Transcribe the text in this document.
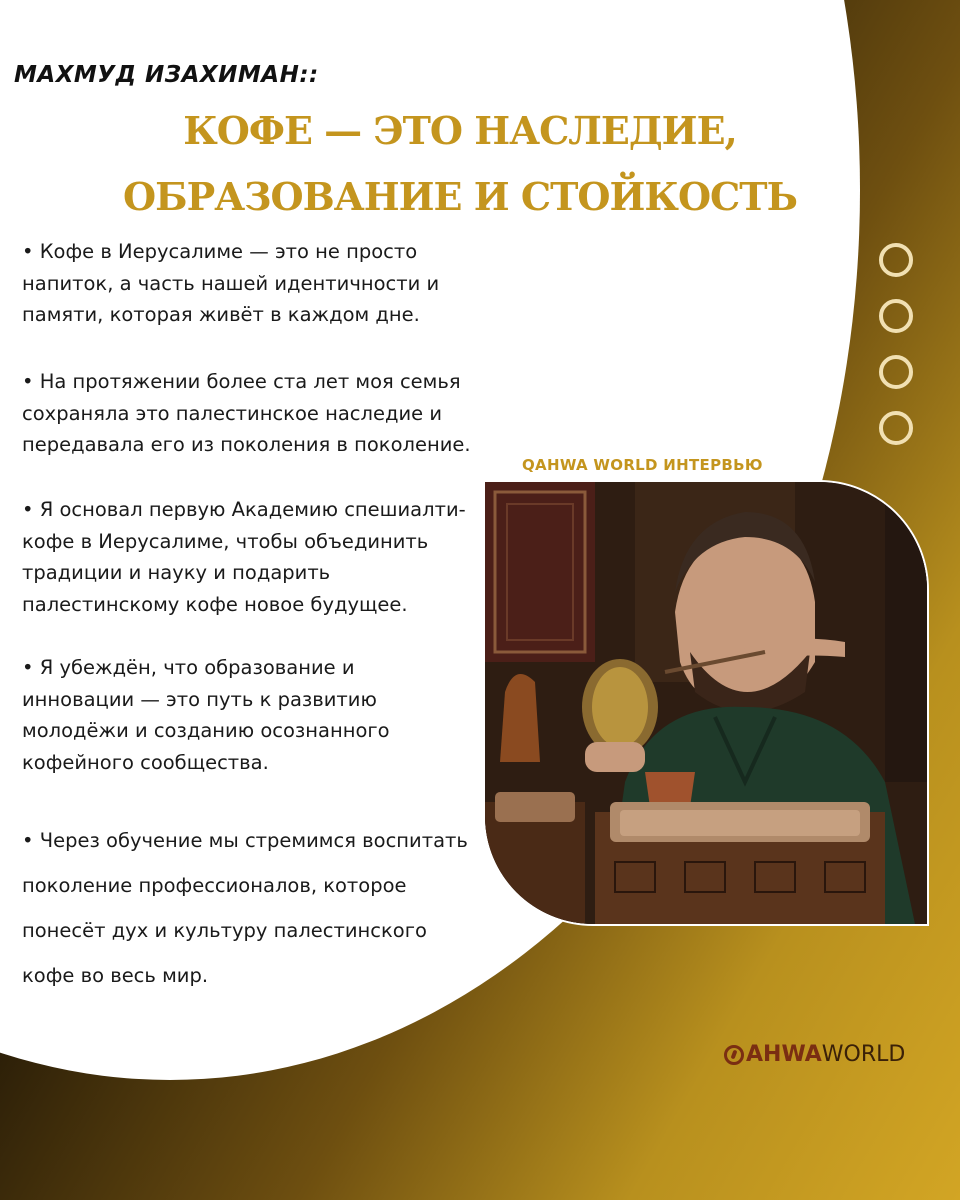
МАХМУД ИЗАХИМАН::
КОФЕ — ЭТО НАСЛЕДИЕ,
ОБРАЗОВАНИЕ И СТОЙКОСТЬ
• Кофе в Иерусалиме — это не просто
напиток, а часть нашей идентичности и
памяти, которая живёт в каждом дне.
• На протяжении более ста лет моя семья
сохраняла это палестинское наследие и
передавала его из поколения в поколение.
• Я основал первую Академию спешиалти-
кофе в Иерусалиме, чтобы объединить
традиции и науку и подарить
палестинскому кофе новое будущее.
• Я убеждён, что образование и
инновации — это путь к развитию
молодёжи и созданию осознанного
кофейного сообщества.
QAHWA WORLD ИНТЕРВЬЮ
• Через обучение мы стремимся воспитать
поколение профессионалов, которое
понесёт дух и культуру палестинского
кофе во весь мир.
AHWA WORLD
